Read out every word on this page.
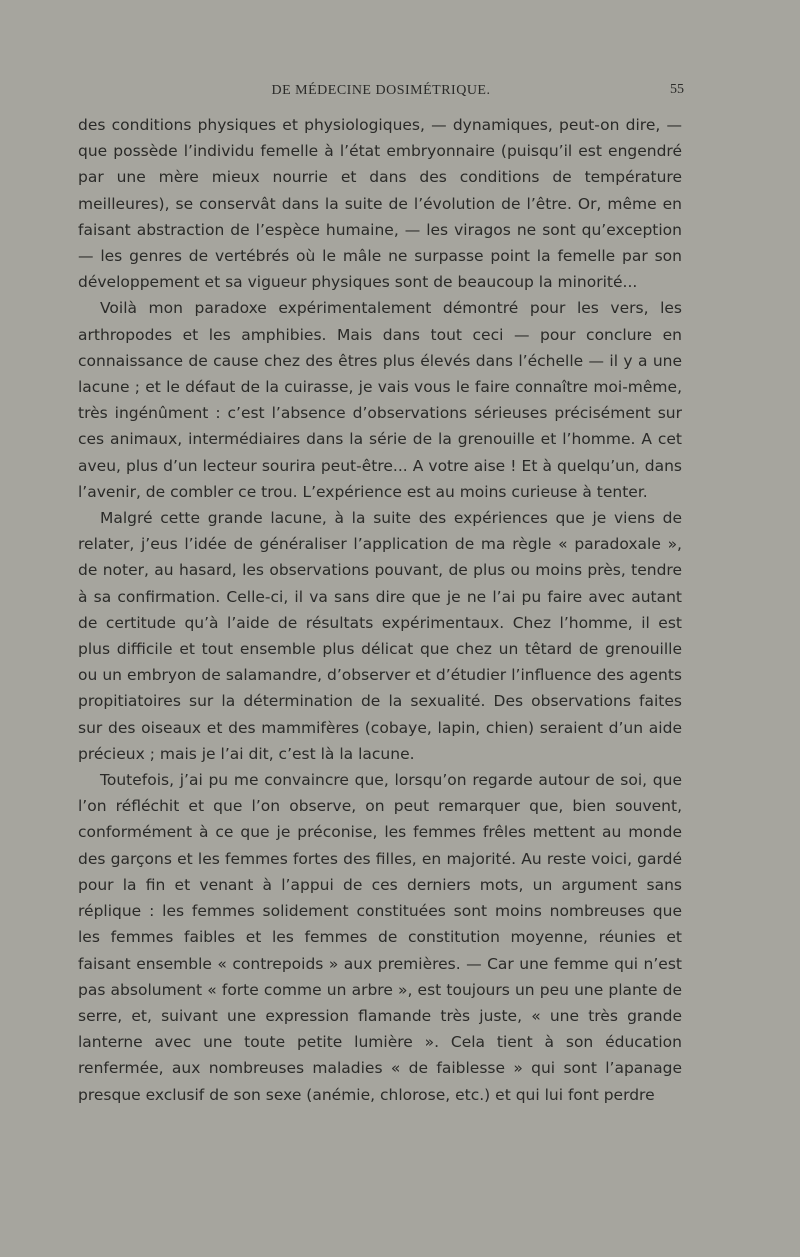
DE MÉDECINE DOSIMÉTRIQUE.	55

des conditions physiques et physiologiques, — dynamiques, peut-on dire, — que possède l’individu femelle à l’état embryonnaire (puisqu’il est engendré par une mère mieux nourrie et dans des conditions de température meilleures), se conservât dans la suite de l’évolution de l’être. Or, même en faisant abstraction de l’espèce humaine, — les viragos ne sont qu’exception — les genres de vertébrés où le mâle ne surpasse point la femelle par son développement et sa vigueur physiques sont de beaucoup la minorité...

Voilà mon paradoxe expérimentalement démontré pour les vers, les arthropodes et les amphibies. Mais dans tout ceci — pour conclure en connaissance de cause chez des êtres plus élevés dans l’échelle — il y a une lacune ; et le défaut de la cuirasse, je vais vous le faire connaître moi-même, très ingénûment : c’est l’absence d’observations sérieuses précisément sur ces animaux, intermédiaires dans la série de la grenouille et l’homme. A cet aveu, plus d’un lecteur sourira peut-être... A votre aise ! Et à quelqu’un, dans l’avenir, de combler ce trou. L’expérience est au moins curieuse à tenter.

Malgré cette grande lacune, à la suite des expériences que je viens de relater, j’eus l’idée de généraliser l’application de ma règle « paradoxale », de noter, au hasard, les observations pouvant, de plus ou moins près, tendre à sa confirmation. Celle-ci, il va sans dire que je ne l’ai pu faire avec autant de certitude qu’à l’aide de résultats expérimentaux. Chez l’homme, il est plus difficile et tout ensemble plus délicat que chez un têtard de grenouille ou un embryon de salamandre, d’observer et d’étudier l’influence des agents propitiatoires sur la détermination de la sexualité. Des observations faites sur des oiseaux et des mammifères (cobaye, lapin, chien) seraient d’un aide précieux ; mais je l’ai dit, c’est là la lacune.

Toutefois, j’ai pu me convaincre que, lorsqu’on regarde autour de soi, que l’on réfléchit et que l’on observe, on peut remarquer que, bien souvent, conformément à ce que je préconise, les femmes frêles mettent au monde des garçons et les femmes fortes des filles, en majorité. Au reste voici, gardé pour la fin et venant à l’appui de ces derniers mots, un argument sans réplique : les femmes solidement constituées sont moins nombreuses que les femmes faibles et les femmes de constitution moyenne, réunies et faisant ensemble « contrepoids » aux premières. — Car une femme qui n’est pas absolument « forte comme un arbre », est toujours un peu une plante de serre, et, suivant une expression flamande très juste, « une très grande lanterne avec une toute petite lumière ». Cela tient à son éducation renfermée, aux nombreuses maladies « de faiblesse » qui sont l’apanage presque exclusif de son sexe (anémie, chlorose, etc.) et qui lui font perdre
